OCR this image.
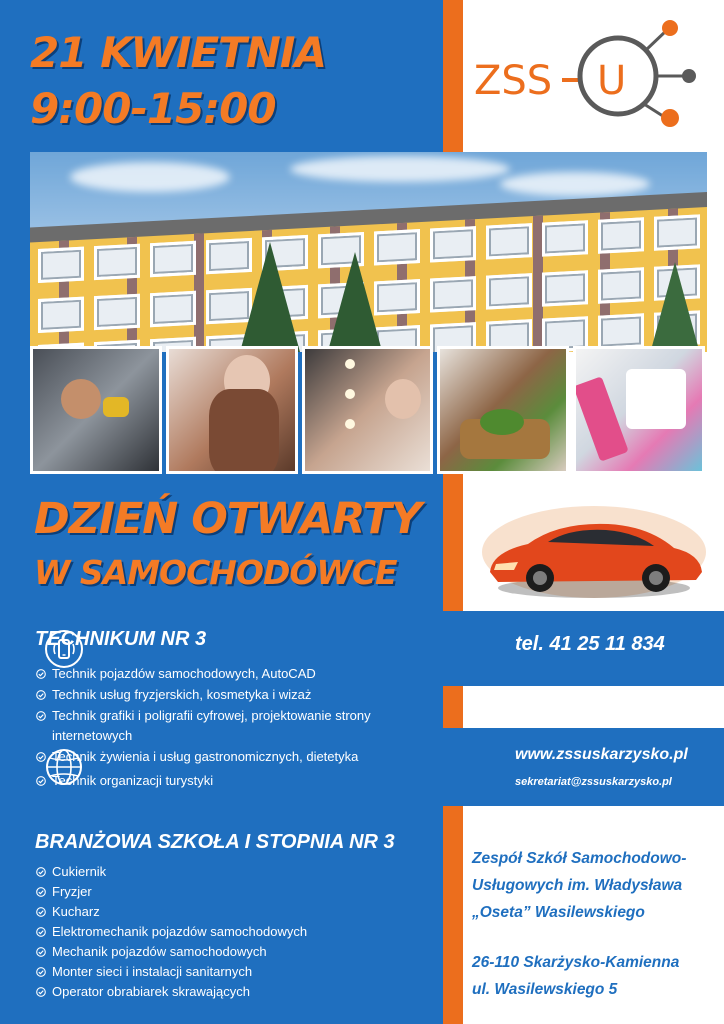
21 KWIETNIA
9:00-15:00
ZSS U
DZIEŃ OTWARTY
W SAMOCHODÓWCE
TECHNIKUM NR 3
Technik pojazdów samochodowych, AutoCAD
Technik usług fryzjerskich, kosmetyka i wizaż
Technik grafiki i poligrafii cyfrowej, projektowanie strony internetowych
Technik żywienia i usług gastronomicznych, dietetyka
Technik organizacji turystyki
BRANŻOWA SZKOŁA I STOPNIA NR 3
Cukiernik
Fryzjer
Kucharz
Elektromechanik pojazdów samochodowych
Mechanik pojazdów samochodowych
Monter sieci i instalacji sanitarnych
Operator obrabiarek skrawających
tel. 41 25 11 834
www.zssuskarzysko.pl
sekretariat@zssuskarzysko.pl
Zespół Szkół Samochodowo-
Usługowych im. Władysława
„Oseta” Wasilewskiego
26-110 Skarżysko-Kamienna
ul. Wasilewskiego 5
